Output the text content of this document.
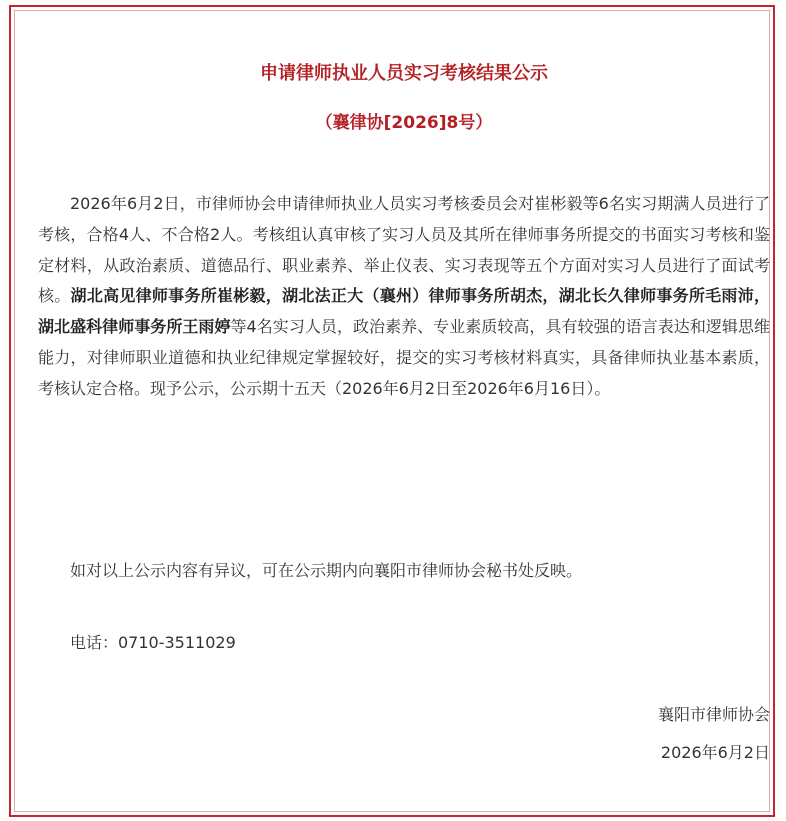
申请律师执业人员实习考核结果公示
（襄律协[2026]8号）

2026年6月2日，市律师协会申请律师执业人员实习考核委员会对崔彬毅等6名实习期满人员进行了考核，合格4人、不合格2人。考核组认真审核了实习人员及其所在律师事务所提交的书面实习考核和鉴定材料，从政治素质、道德品行、职业素养、举止仪表、实习表现等五个方面对实习人员进行了面试考核。湖北高见律师事务所崔彬毅，湖北法正大（襄州）律师事务所胡杰，湖北长久律师事务所毛雨沛，湖北盛科律师事务所王雨婷等4名实习人员，政治素养、专业素质较高，具有较强的语言表达和逻辑思维能力，对律师职业道德和执业纪律规定掌握较好，提交的实习考核材料真实，具备律师执业基本素质，考核认定合格。现予公示，公示期十五天（2026年6月2日至2026年6月16日）。

如对以上公示内容有异议，可在公示期内向襄阳市律师协会秘书处反映。

电话：0710-3511029

襄阳市律师协会
2026年6月2日
